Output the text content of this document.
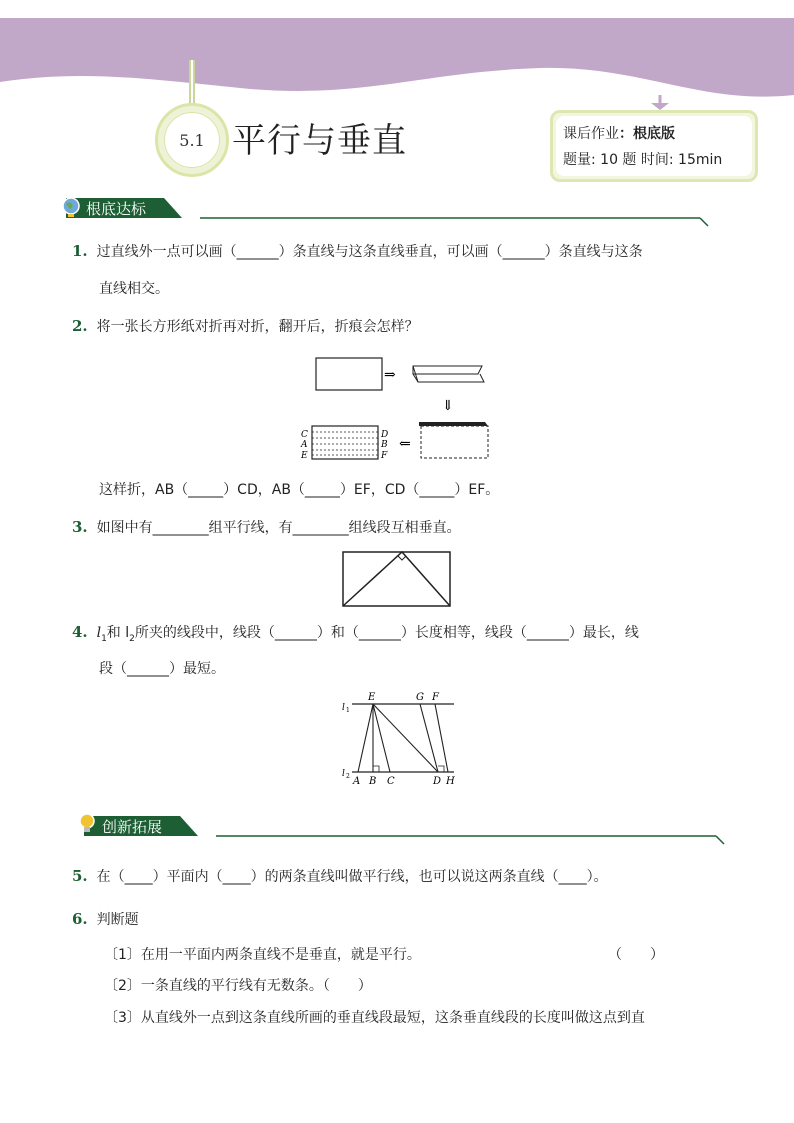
5.1 平行与垂直	课后作业：根底版
题量: 10 题 时间: 15min
根底达标
1. 过直线外一点可以画（______）条直线与这条直线垂直，可以画（______）条直线与这条
直线相交。
2. 将一张长方形纸对折再对折，翻开后，折痕会怎样？
⇒
⇓
⇐
C
A
E
D
B
F
这样折，AB（_____）CD，AB（_____）EF，CD（_____）EF。
3. 如图中有________组平行线，有________组线段互相垂直。
4. $l_1$和 $l_2$所夹的线段中，线段（______）和（______）长度相等，线段（______）最长，线
段（______）最短。
l 1
l 2
E	G F
A B C	D H
创新拓展
5. 在（____）平面内（____）的两条直线叫做平行线，也可以说这两条直线（____）。
6. 判断题
〔1〕在用一平面内两条直线不是垂直，就是平行。	（　　）
〔2〕一条直线的平行线有无数条。（　　）
〔3〕从直线外一点到这条直线所画的垂直线段最短，这条垂直线段的长度叫做这点到直
